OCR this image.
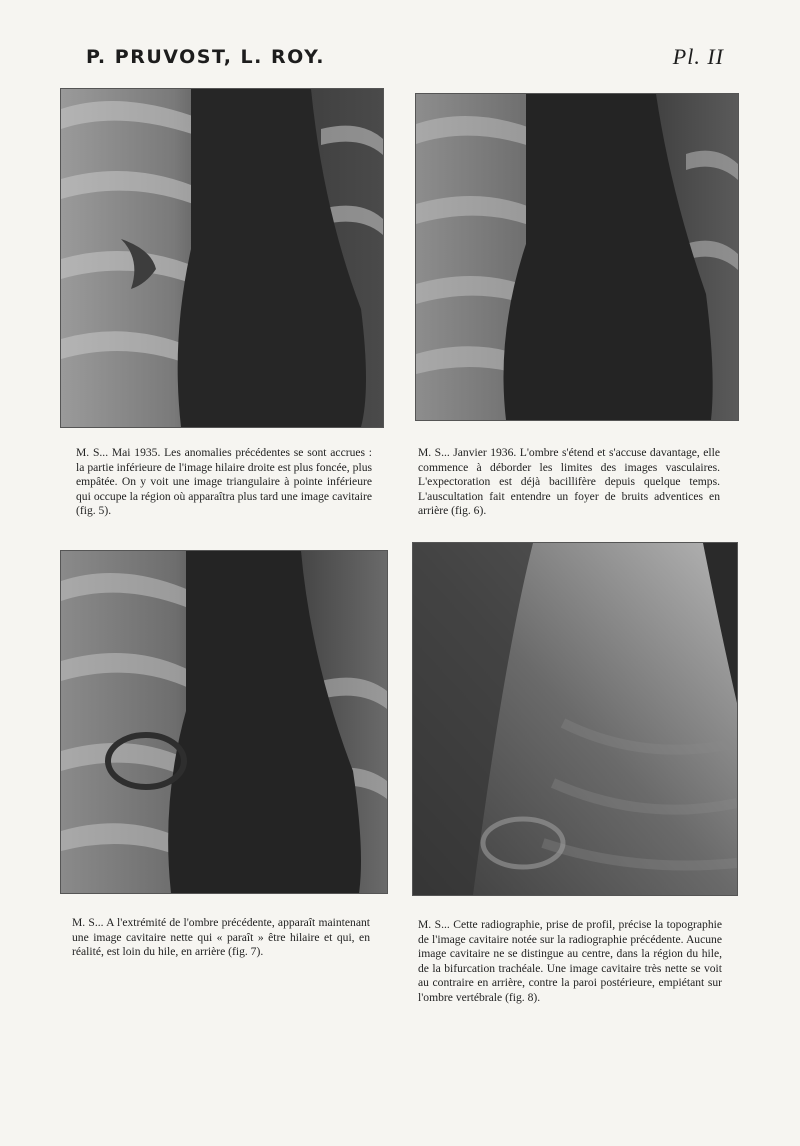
P. PRUVOST, L. ROY.	Pl. II

M. S... Mai 1935. Les anomalies précédentes se sont accrues : la partie inférieure de l'image hilaire droite est plus foncée, plus empâtée. On y voit une image triangulaire à pointe inférieure qui occupe la région où apparaîtra plus tard une image cavitaire (fig. 5).

M. S... Janvier 1936. L'ombre s'étend et s'accuse davantage, elle commence à déborder les limites des images vasculaires. L'expectoration est déjà bacillifère depuis quelque temps. L'auscultation fait entendre un foyer de bruits adventices en arrière (fig. 6).

M. S... A l'extrémité de l'ombre précédente, apparaît maintenant une image cavitaire nette qui « paraît » être hilaire et qui, en réalité, est loin du hile, en arrière (fig. 7).

M. S... Cette radiographie, prise de profil, précise la topographie de l'image cavitaire notée sur la radiographie précédente. Aucune image cavitaire ne se distingue au centre, dans la région du hile, de la bifurcation trachéale. Une image cavitaire très nette se voit au contraire en arrière, contre la paroi postérieure, empiétant sur l'ombre vertébrale (fig. 8).
